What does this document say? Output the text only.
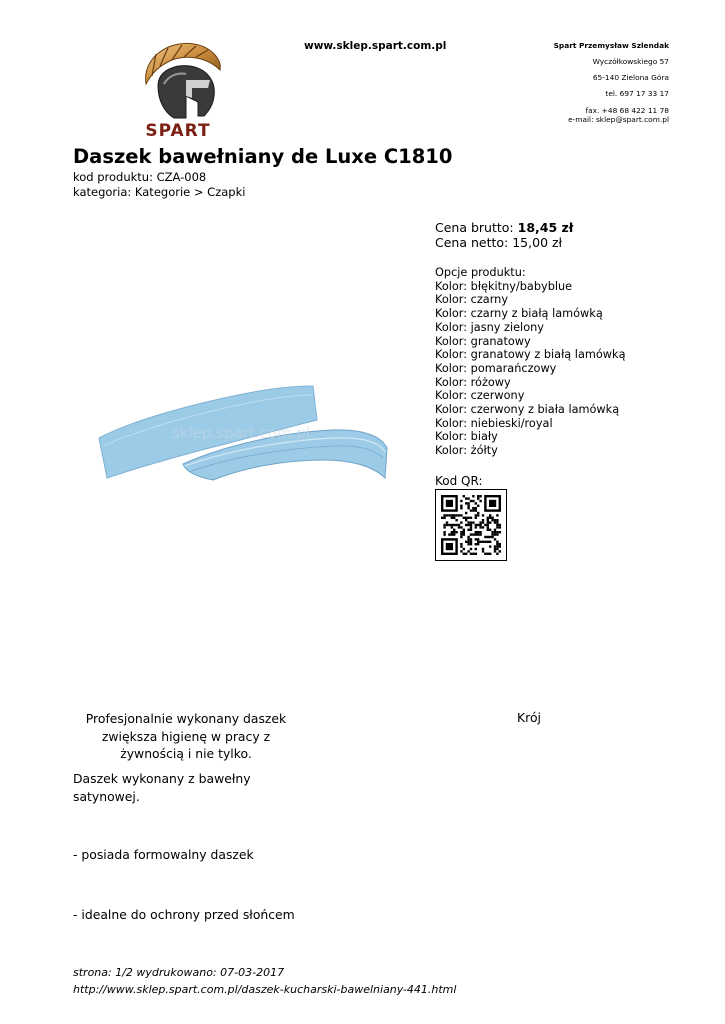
SPART
www.sklep.spart.com.pl	Spart Przemysław Szlendak
Wyczółkowskiego 57
65-140 Zielona Góra
tel. 697 17 33 17
fax. +48 68 422 11 78
e-mail: sklep@spart.com.pl
Daszek bawełniany de Luxe C1810
kod produktu: CZA-008
kategoria: Kategorie > Czapki
sklep.spart.com.pl
Cena brutto: 18,45 zł
Cena netto: 15,00 zł
Opcje produktu:
Kolor: błękitny/babyblue
Kolor: czarny
Kolor: czarny z białą lamówką
Kolor: jasny zielony
Kolor: granatowy
Kolor: granatowy z białą lamówką
Kolor: pomarańczowy
Kolor: różowy
Kolor: czerwony
Kolor: czerwony z biała lamówką
Kolor: niebieski/royal
Kolor: biały
Kolor: żółty
Kod QR:
Profesjonalnie wykonany daszek zwiększa higienę w pracy z żywnością i nie tylko.
Daszek wykonany z bawełny satynowej.
- posiada formowalny daszek
- idealne do ochrony przed słońcem
Krój
strona: 1/2 wydrukowano: 07-03-2017
http://www.sklep.spart.com.pl/daszek-kucharski-bawelniany-441.html
